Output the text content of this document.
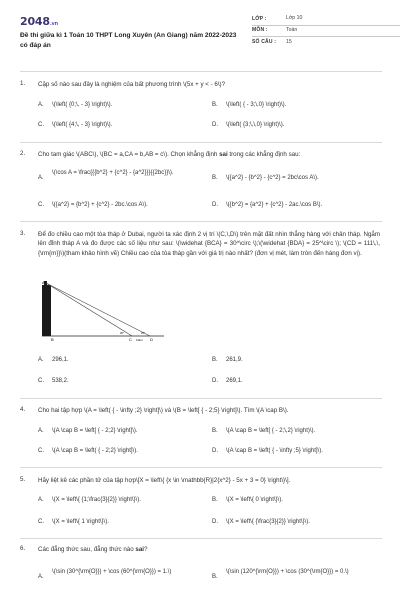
2048.vn
Đề thi giữa kì 1 Toán 10 THPT Long Xuyên (An Giang) năm 2022-2023 có đáp án
LỚP :	Lớp 10
MÔN :	Toán
SỐ CÂU :	15
1. Cặp số nào sau đây là nghiệm của bất phương trình \(5x + y < - 6\)?
A. \(\left( {0;\, - 3} \right)\).	B. \(\left( { - 3;\,0} \right)\).
C. \(\left( {4;\, - 3} \right)\).	D. \(\left( {3;\,\,0} \right)\).
2. Cho tam giác \(ABC\), \(BC = a,CA = b,AB = c\). Chọn khẳng định sai trong các khẳng định sau:
A.
\(\cos A = \frac{{{b^2} + {c^2} - {a^2}}}{{2bc}}\).
B. \({a^2} - {b^2} - {c^2} = 2bc\cos A\).
C. \({a^2} = {b^2} + {c^2} - 2bc.\cos A\).	D. \({b^2} = {a^2} + {c^2} - 2ac.\cos B\).
3. Để đo chiều cao một tòa tháp ở Dubai, người ta xác định 2 vị trí \(C,\,D\) trên mặt đất nhìn thẳng hàng với chân tháp. Ngắm lên đỉnh tháp A và đo được các số liệu như sau: \(\widehat {BCA} = 30^\circ \);\(\widehat {BDA} = 25^\circ \); \(CD = 111\,\,{\rm{m}}\)(tham khảo hình vẽ) Chiều cao của tòa tháp gần với giá trị nào nhất? (đơn vị mét, làm tròn đến hàng đơn vị).
A
B	C	D
111m
30°	25°
A. 296,1.	B. 261,9.
C. 538,2.	D. 269,1.
4. Cho hai tập hợp \(A = \left( { - \infty ;2} \right]\) và \(B = \left[ { - 2;5} \right]\). Tìm \(A \cap B\).
A. \(A \cap B = \left[ { - 2;2} \right]\).	B. \(A \cap B = \left[ { - 2;\,2} \right)\).
C. \(A \cap B = \left( { - 2;2} \right]\).	D. \(A \cap B = \left( { - \infty ;5} \right]\).
5. Hãy liệt kê các phần tử của tập hợp\[X = \left\{ {x \in \mathbb{R}|2{x^2} - 5x + 3 = 0} \right\}\].
A. \(X = \left\{ {1;\frac{3}{2}} \right\}\).	B. \(X = \left\{ 0 \right\}\).
C. \(X = \left\{ 1 \right\}\).	D. \(X = \left\{ {\frac{3}{2}} \right\}\).
6. Các đẳng thức sau, đẳng thức nào sai?
A.
\(\sin (30^{\rm{O}}) + \cos (60^{\rm{O}}) = 1.\)
B.
\(\sin (120^{\rm{O}}) + \cos (30^{\rm{O}}) = 0.\)
